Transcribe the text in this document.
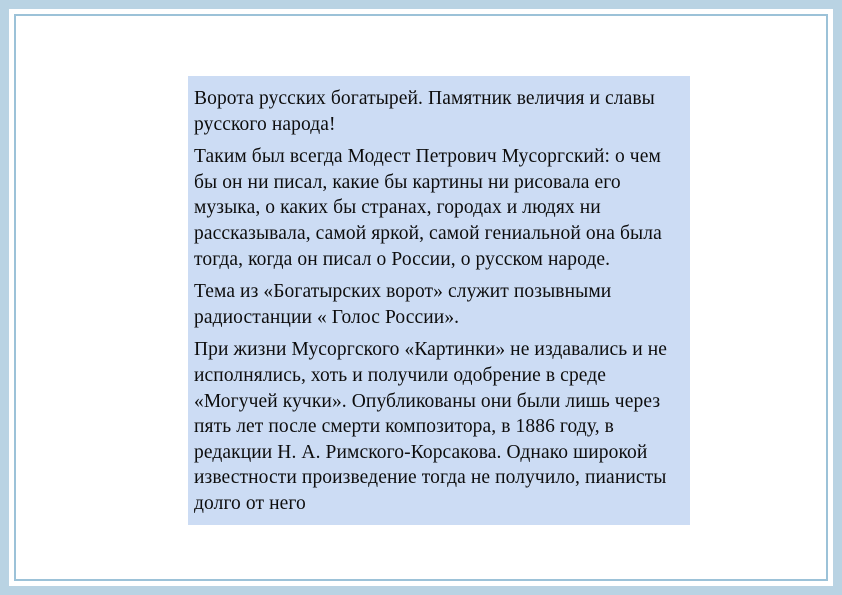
Ворота русских богатырей. Памятник величия и славы русского народа!

Таким был всегда Модест Петрович Мусоргский: о чем бы он ни писал, какие бы картины ни рисовала его музыка, о каких бы странах, городах и людях ни рассказывала, самой яркой, самой гениальной она была тогда, когда он писал о России, о русском народе.

Тема из «Богатырских ворот» служит позывными радиостанции « Голос России».

При жизни Мусоргского «Картинки» не издавались и не исполнялись, хоть и получили одобрение в среде «Могучей кучки». Опубликованы они были лишь через пять лет после смерти композитора, в 1886 году, в редакции Н. А. Римского-Корсакова. Однако широкой известности произведение тогда не получило, пианисты долго от него
